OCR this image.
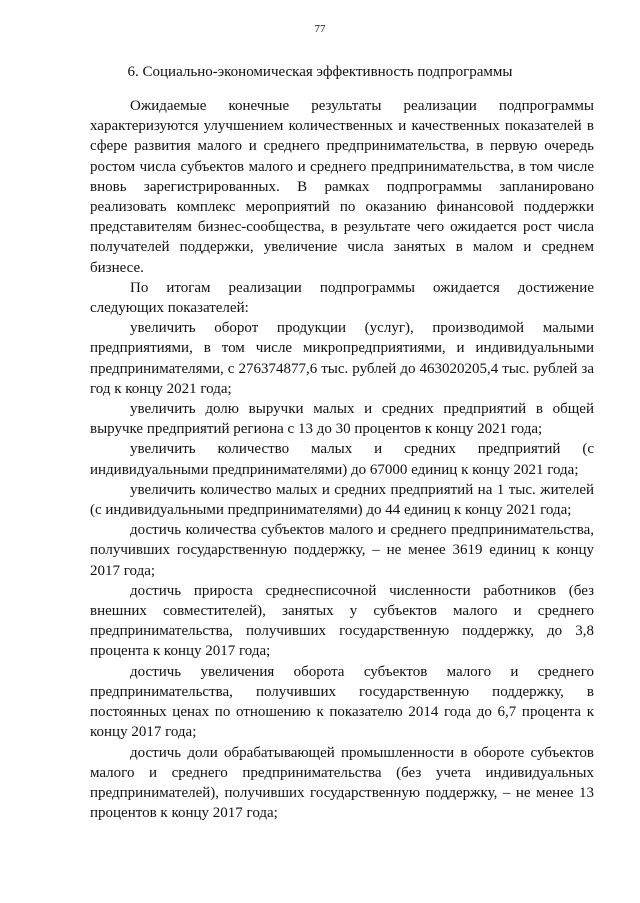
77
6. Социально-экономическая эффективность подпрограммы

Ожидаемые конечные результаты реализации подпрограммы характеризуются улучшением количественных и качественных показателей в сфере развития малого и среднего предпринимательства, в первую очередь ростом числа субъектов малого и среднего предпринимательства, в том числе вновь зарегистрированных. В рамках подпрограммы запланировано реализовать комплекс мероприятий по оказанию финансовой поддержки представителям бизнес-сообщества, в результате чего ожидается рост числа получателей поддержки, увеличение числа занятых в малом и среднем бизнесе.

По итогам реализации подпрограммы ожидается достижение следующих показателей:

увеличить оборот продукции (услуг), производимой малыми предприятиями, в том числе микропредприятиями, и индивидуальными предпринимателями, с 276374877,6 тыс. рублей до 463020205,4 тыс. рублей за год к концу 2021 года;

увеличить долю выручки малых и средних предприятий в общей выручке предприятий региона с 13 до 30 процентов к концу 2021 года;

увеличить количество малых и средних предприятий (с индивидуальными предпринимателями) до 67000 единиц к концу 2021 года;

увеличить количество малых и средних предприятий на 1 тыс. жителей (с индивидуальными предпринимателями) до 44 единиц к концу 2021 года;

достичь количества субъектов малого и среднего предпринимательства, получивших государственную поддержку, – не менее 3619 единиц к концу 2017 года;

достичь прироста среднесписочной численности работников (без внешних совместителей), занятых у субъектов малого и среднего предпринимательства, получивших государственную поддержку, до 3,8 процента к концу 2017 года;

достичь увеличения оборота субъектов малого и среднего предпринимательства, получивших государственную поддержку, в постоянных ценах по отношению к показателю 2014 года до 6,7 процента к концу 2017 года;

достичь доли обрабатывающей промышленности в обороте субъектов малого и среднего предпринимательства (без учета индивидуальных предпринимателей), получивших государственную поддержку, – не менее 13 процентов к концу 2017 года;
